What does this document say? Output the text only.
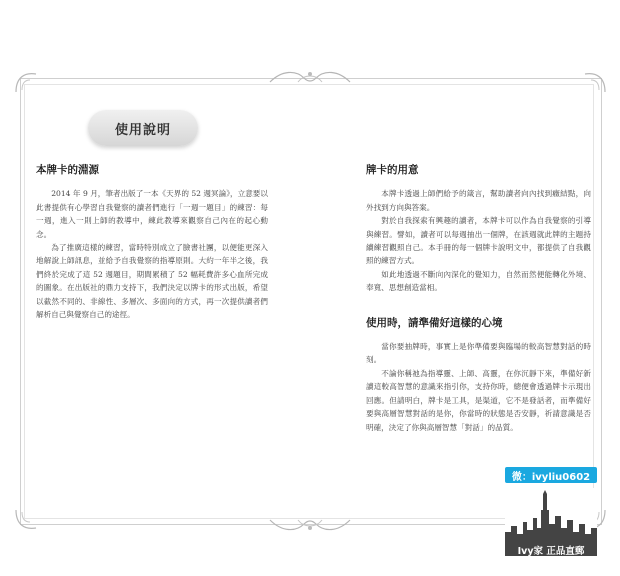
使用說明
本牌卡的淵源

2014 年 9 月，筆者出版了一本《天界的 52 週冥論》，立意要以此書提供有心學習自我覺察的讀者們進行「一週一題目」的練習：每一週，進入一則上師的教導中，練此教導來觀察自己內在的起心動念。

為了推廣這樣的練習，當時特別成立了臉書社團，以便能更深入地解說上師訊息，並給予自我覺察的指導原則。大約一年半之後，我們終於完成了這 52 週題目，期間累積了 52 幅耗費許多心血所完成的圖象。在出版社的鼎力支持下，我們決定以牌卡的形式出版，希望以截然不同的、非線性、多層次、多面向的方式，再一次提供讀者們解析自己與覺察自己的途徑。

牌卡的用意

本牌卡透過上師們給予的箴言，幫助讀者向內找到癥結點，向外找到方向與答案。

對於自我探索有興趣的讀者，本牌卡可以作為自我覺察的引導與練習。譬如，讀者可以每週抽出一個牌，在該週就此牌的主題持續練習觀照自己。本手冊的每一個牌卡說明文中，都提供了自我觀照的練習方式。

如此地透過不斷向內深化的覺知力，自然而然便能轉化外境、奉寬、思想創造當相。

使用時，請準備好這樣的心境

當你要抽牌時，事實上是你準備要與臨場的較高智慧對話的時刻。

不論你稱祂為指導靈、上師、高靈，在你沉靜下來，準備好新讀這較高智慧的意識來指引你，支持你時，總便會透過牌卡示現出回應。但請明白，牌卡是工具，是渠道，它不是發話者，而準備好要與高層智慧對話的是你，你當時的狀態是否安靜，祈請意識是否明確，決定了你與高層智慧「對話」的品質。

微：ivyliu0602
Ivy家 正品直郵
